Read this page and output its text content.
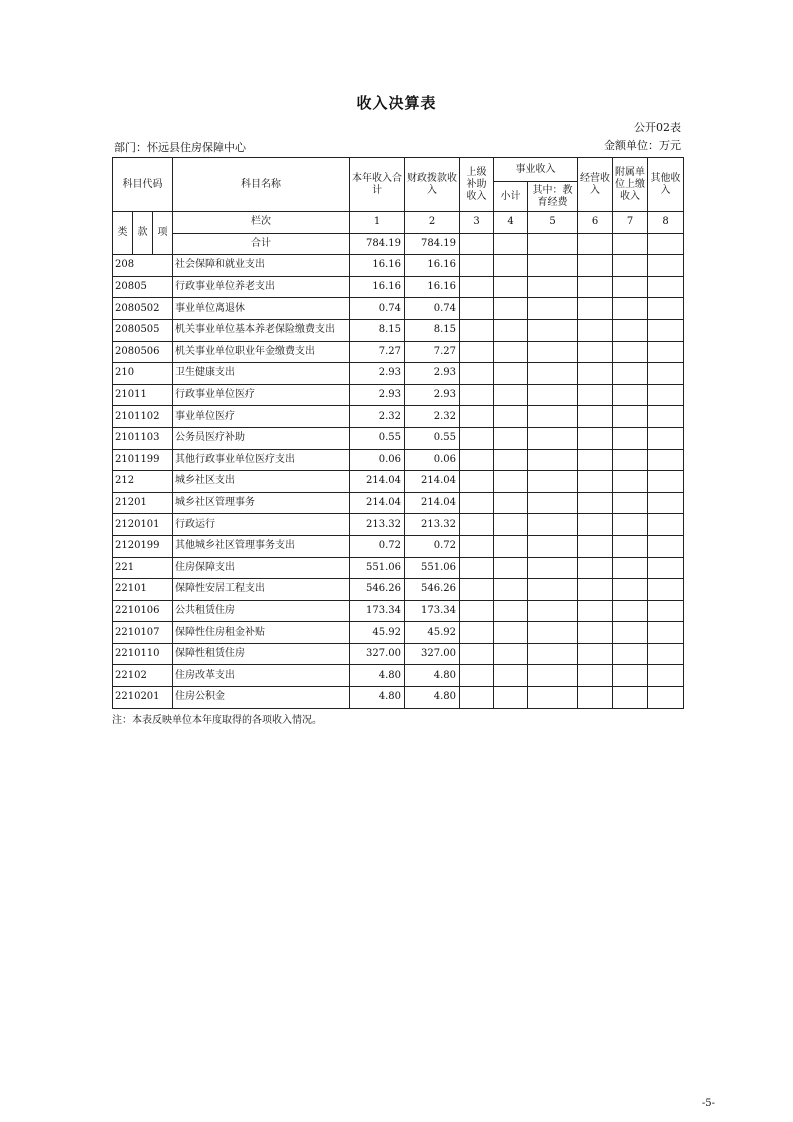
收入决算表
公开02表
部门：怀远县住房保障中心	金额单位：万元
科目代码			科目名称	本年收入合计	财政拨款收入	上级补助收入	事业收入		经营收入	附属单位上缴收入	其他收入
							小计	其中：教育经费			
类	款	项	栏次	1	2	3	4	5	6	7	8
			合计	784.19	784.19						
208			社会保障和就业支出	16.16	16.16						
20805			行政事业单位养老支出	16.16	16.16						
2080502			事业单位离退休	0.74	0.74						
2080505			机关事业单位基本养老保险缴费支出	8.15	8.15						
2080506			机关事业单位职业年金缴费支出	7.27	7.27						
210			卫生健康支出	2.93	2.93						
21011			行政事业单位医疗	2.93	2.93						
2101102			事业单位医疗	2.32	2.32						
2101103			公务员医疗补助	0.55	0.55						
2101199			其他行政事业单位医疗支出	0.06	0.06						
212			城乡社区支出	214.04	214.04						
21201			城乡社区管理事务	214.04	214.04						
2120101			行政运行	213.32	213.32						
2120199			其他城乡社区管理事务支出	0.72	0.72						
221			住房保障支出	551.06	551.06						
22101			保障性安居工程支出	546.26	546.26						
2210106			公共租赁住房	173.34	173.34						
2210107			保障性住房租金补贴	45.92	45.92						
2210110			保障性租赁住房	327.00	327.00						
22102			住房改革支出	4.80	4.80						
2210201			住房公积金	4.80	4.80						
注：本表反映单位本年度取得的各项收入情况。
-5-
